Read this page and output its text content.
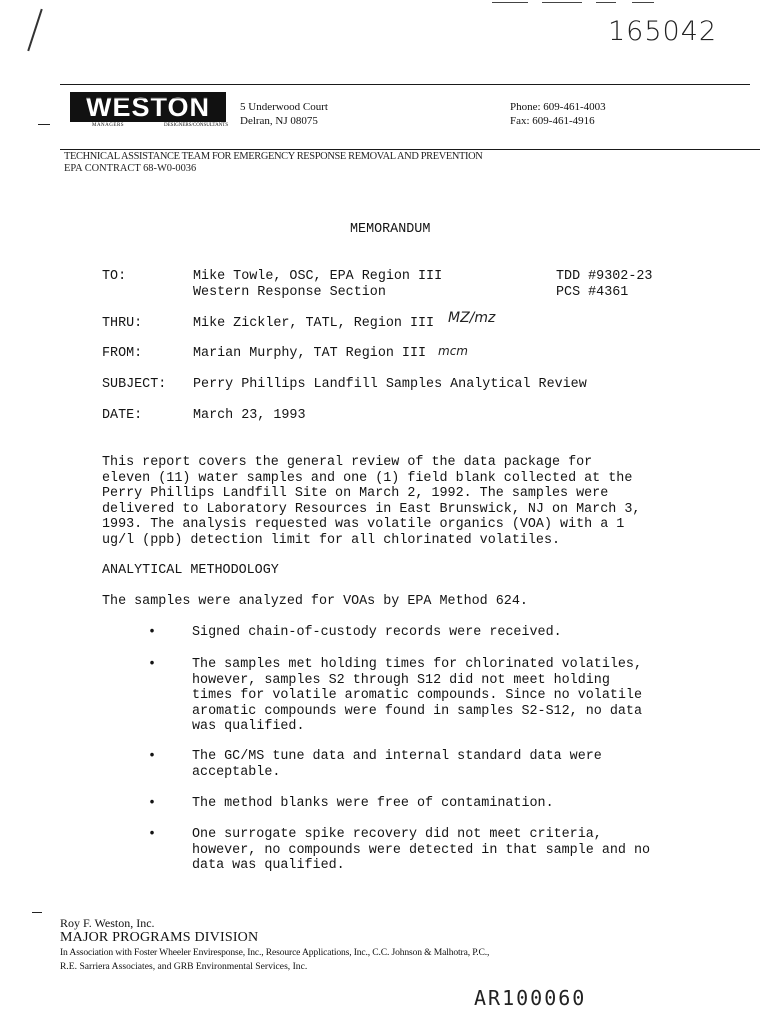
165042
WESTON
MANAGERS	DESIGNERS/CONSULTANTS
5 Underwood Court
Delran, NJ 08075
Phone: 609-461-4003
Fax: 609-461-4916
TECHNICAL ASSISTANCE TEAM FOR EMERGENCY RESPONSE REMOVAL AND PREVENTION
EPA CONTRACT 68-W0-0036
MEMORANDUM
TO:	Mike Towle, OSC, EPA Region III
Western Response Section
TDD #9302-23
PCS #4361
THRU:	Mike Zickler, TATL, Region III MZ/mz
FROM:	Marian Murphy, TAT Region III mcm
SUBJECT: Perry Phillips Landfill Samples Analytical Review
DATE:	March 23, 1993
This report covers the general review of the data package for
eleven (11) water samples and one (1) field blank collected at the
Perry Phillips Landfill Site on March 2, 1992. The samples were
delivered to Laboratory Resources in East Brunswick, NJ on March 3,
1993. The analysis requested was volatile organics (VOA) with a 1
ug/l (ppb) detection limit for all chlorinated volatiles.
ANALYTICAL METHODOLOGY
The samples were analyzed for VOAs by EPA Method 624.
•	Signed chain-of-custody records were received.
•	The samples met holding times for chlorinated volatiles,
however, samples S2 through S12 did not meet holding
times for volatile aromatic compounds. Since no volatile
aromatic compounds were found in samples S2-S12, no data
was qualified.
•	The GC/MS tune data and internal standard data were
acceptable.
•	The method blanks were free of contamination.
•	One surrogate spike recovery did not meet criteria,
however, no compounds were detected in that sample and no
data was qualified.
Roy F. Weston, Inc.
MAJOR PROGRAMS DIVISION
In Association with Foster Wheeler Enviresponse, Inc., Resource Applications, Inc., C.C. Johnson & Malhotra, P.C.,
R.E. Sarriera Associates, and GRB Environmental Services, Inc.
AR100060
